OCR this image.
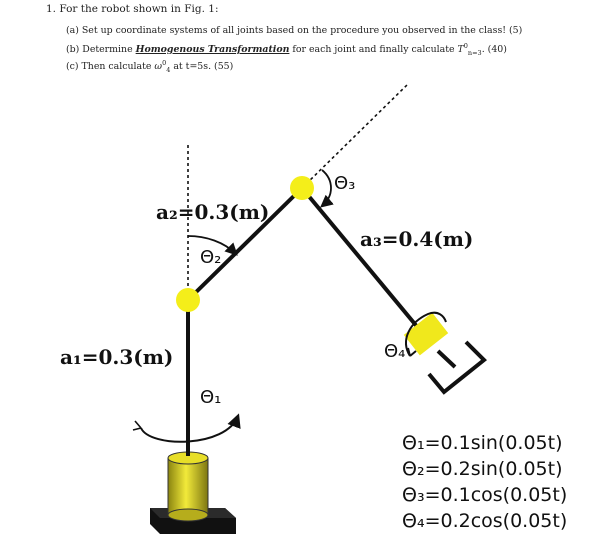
1. For the robot shown in Fig. 1:
(a) Set up coordinate systems of all joints based on the procedure you observed in the class! (5)
(b) Determine Homogenous Transformation for each joint and finally calculate $T^0_{n=3}$. (40)
(c) Then calculate $\omega^0_4$ at t=5s. (55)
a₂=0.3(m)
a₃=0.4(m)
a₁=0.3(m)
Θ₂
Θ₃
Θ₄
Θ₁
Θ₁=0.1sin(0.05t)
Θ₂=0.2sin(0.05t)
Θ₃=0.1cos(0.05t)
Θ₄=0.2cos(0.05t)
